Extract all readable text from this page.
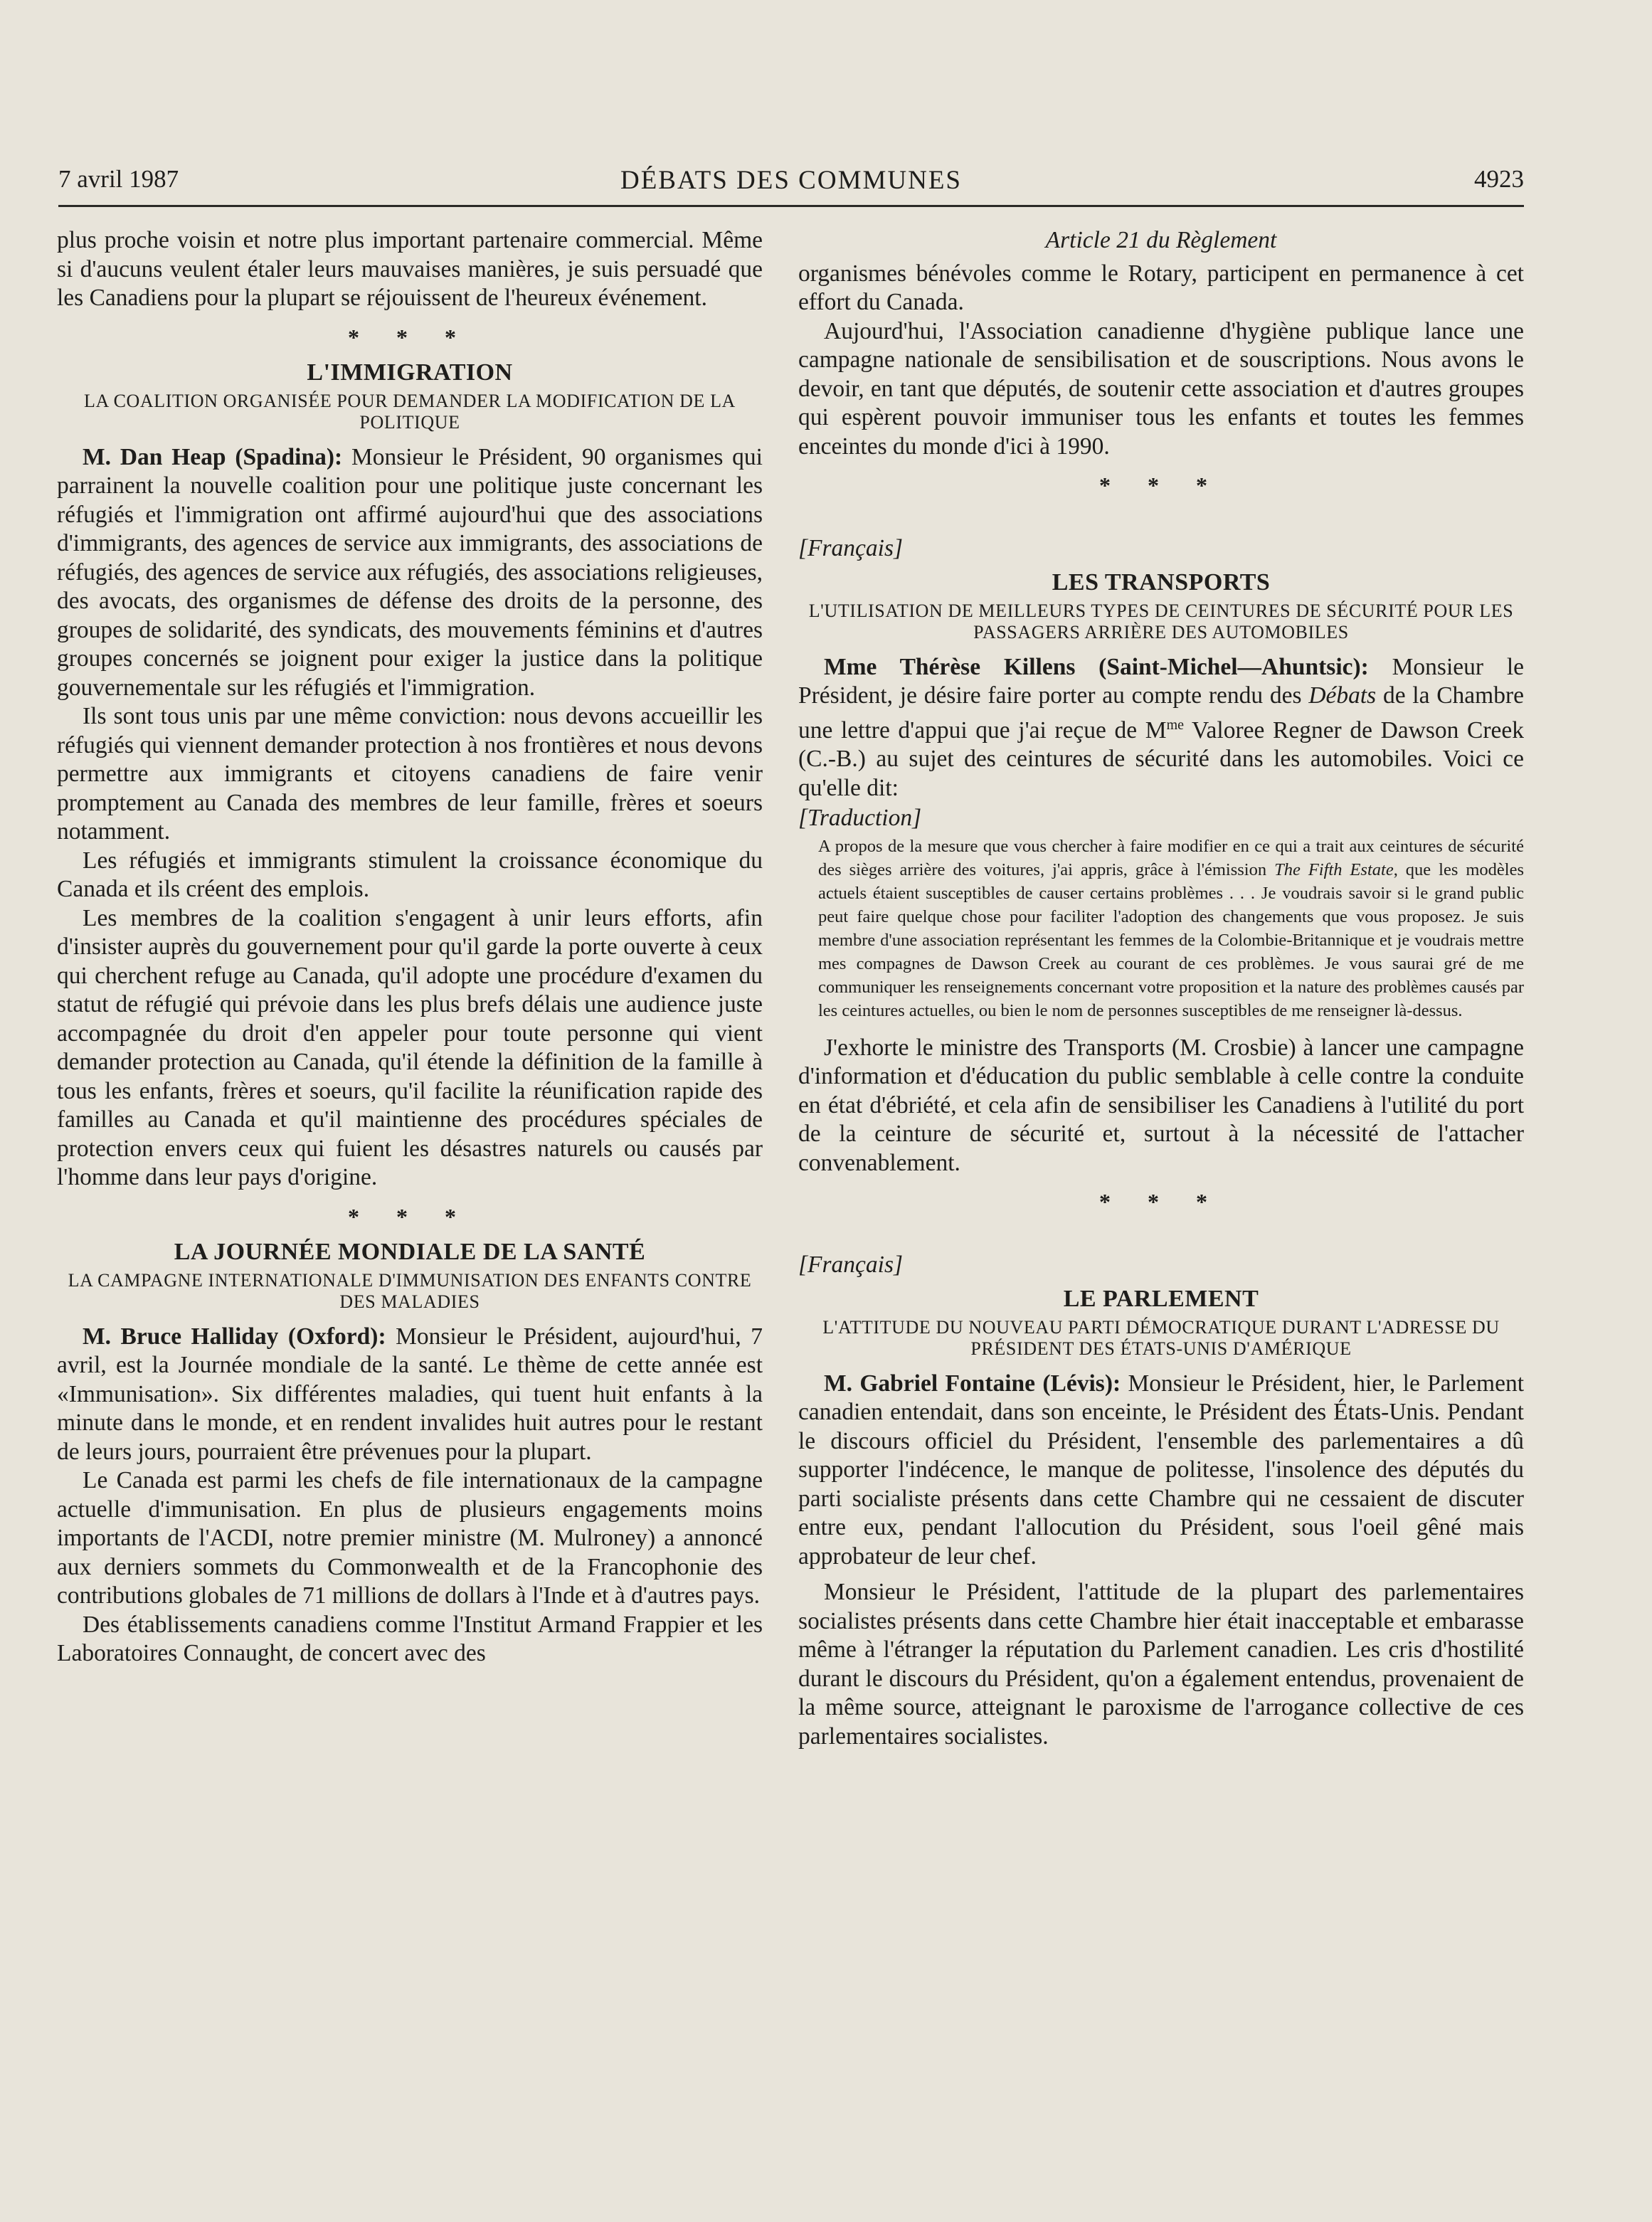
7 avril 1987	DÉBATS DES COMMUNES	4923

plus proche voisin et notre plus important partenaire commercial. Même si d'aucuns veulent étaler leurs mauvaises manières, je suis persuadé que les Canadiens pour la plupart se réjouissent de l'heureux événement.

* * *
L'IMMIGRATION
LA COALITION ORGANISÉE POUR DEMANDER LA MODIFICATION DE LA POLITIQUE

M. Dan Heap (Spadina): Monsieur le Président, 90 organismes qui parrainent la nouvelle coalition pour une politique juste concernant les réfugiés et l'immigration ont affirmé aujourd'hui que des associations d'immigrants, des agences de service aux immigrants, des associations de réfugiés, des agences de service aux réfugiés, des associations religieuses, des avocats, des organismes de défense des droits de la personne, des groupes de solidarité, des syndicats, des mouvements féminins et d'autres groupes concernés se joignent pour exiger la justice dans la politique gouvernementale sur les réfugiés et l'immigration.

Ils sont tous unis par une même conviction: nous devons accueillir les réfugiés qui viennent demander protection à nos frontières et nous devons permettre aux immigrants et citoyens canadiens de faire venir promptement au Canada des membres de leur famille, frères et soeurs notamment.

Les réfugiés et immigrants stimulent la croissance économique du Canada et ils créent des emplois.

Les membres de la coalition s'engagent à unir leurs efforts, afin d'insister auprès du gouvernement pour qu'il garde la porte ouverte à ceux qui cherchent refuge au Canada, qu'il adopte une procédure d'examen du statut de réfugié qui prévoie dans les plus brefs délais une audience juste accompagnée du droit d'en appeler pour toute personne qui vient demander protection au Canada, qu'il étende la définition de la famille à tous les enfants, frères et soeurs, qu'il facilite la réunification rapide des familles au Canada et qu'il maintienne des procédures spéciales de protection envers ceux qui fuient les désastres naturels ou causés par l'homme dans leur pays d'origine.

* * *
LA JOURNÉE MONDIALE DE LA SANTÉ
LA CAMPAGNE INTERNATIONALE D'IMMUNISATION DES ENFANTS CONTRE DES MALADIES

M. Bruce Halliday (Oxford): Monsieur le Président, aujourd'hui, 7 avril, est la Journée mondiale de la santé. Le thème de cette année est «Immunisation». Six différentes maladies, qui tuent huit enfants à la minute dans le monde, et en rendent invalides huit autres pour le restant de leurs jours, pourraient être prévenues pour la plupart.

Le Canada est parmi les chefs de file internationaux de la campagne actuelle d'immunisation. En plus de plusieurs engagements moins importants de l'ACDI, notre premier ministre (M. Mulroney) a annoncé aux derniers sommets du Commonwealth et de la Francophonie des contributions globales de 71 millions de dollars à l'Inde et à d'autres pays.

Des établissements canadiens comme l'Institut Armand Frappier et les Laboratoires Connaught, de concert avec des

Article 21 du Règlement

organismes bénévoles comme le Rotary, participent en permanence à cet effort du Canada.

Aujourd'hui, l'Association canadienne d'hygiène publique lance une campagne nationale de sensibilisation et de souscriptions. Nous avons le devoir, en tant que députés, de soutenir cette association et d'autres groupes qui espèrent pouvoir immuniser tous les enfants et toutes les femmes enceintes du monde d'ici à 1990.

* * *

[Français]

LES TRANSPORTS
L'UTILISATION DE MEILLEURS TYPES DE CEINTURES DE SÉCURITÉ POUR LES PASSAGERS ARRIÈRE DES AUTOMOBILES

Mme Thérèse Killens (Saint-Michel—Ahuntsic): Monsieur le Président, je désire faire porter au compte rendu des Débats de la Chambre une lettre d'appui que j'ai reçue de $M^{me}$ Valoree Regner de Dawson Creek (C.-B.) au sujet des ceintures de sécurité dans les automobiles. Voici ce qu'elle dit:

[Traduction]

A propos de la mesure que vous chercher à faire modifier en ce qui a trait aux ceintures de sécurité des sièges arrière des voitures, j'ai appris, grâce à l'émission The Fifth Estate, que les modèles actuels étaient susceptibles de causer certains problèmes . . . Je voudrais savoir si le grand public peut faire quelque chose pour faciliter l'adoption des changements que vous proposez. Je suis membre d'une association représentant les femmes de la Colombie-Britannique et je voudrais mettre mes compagnes de Dawson Creek au courant de ces problèmes. Je vous saurai gré de me communiquer les renseignements concernant votre proposition et la nature des problèmes causés par les ceintures actuelles, ou bien le nom de personnes susceptibles de me renseigner là-dessus.

J'exhorte le ministre des Transports (M. Crosbie) à lancer une campagne d'information et d'éducation du public semblable à celle contre la conduite en état d'ébriété, et cela afin de sensibiliser les Canadiens à l'utilité du port de la ceinture de sécurité et, surtout à la nécessité de l'attacher convenablement.

* * *

[Français]

LE PARLEMENT
L'ATTITUDE DU NOUVEAU PARTI DÉMOCRATIQUE DURANT L'ADRESSE DU PRÉSIDENT DES ÉTATS-UNIS D'AMÉRIQUE

M. Gabriel Fontaine (Lévis): Monsieur le Président, hier, le Parlement canadien entendait, dans son enceinte, le Président des États-Unis. Pendant le discours officiel du Président, l'ensemble des parlementaires a dû supporter l'indécence, le manque de politesse, l'insolence des députés du parti socialiste présents dans cette Chambre qui ne cessaient de discuter entre eux, pendant l'allocution du Président, sous l'oeil gêné mais approbateur de leur chef.

Monsieur le Président, l'attitude de la plupart des parlementaires socialistes présents dans cette Chambre hier était inacceptable et embarasse même à l'étranger la réputation du Parlement canadien. Les cris d'hostilité durant le discours du Président, qu'on a également entendus, provenaient de la même source, atteignant le paroxisme de l'arrogance collective de ces parlementaires socialistes.
